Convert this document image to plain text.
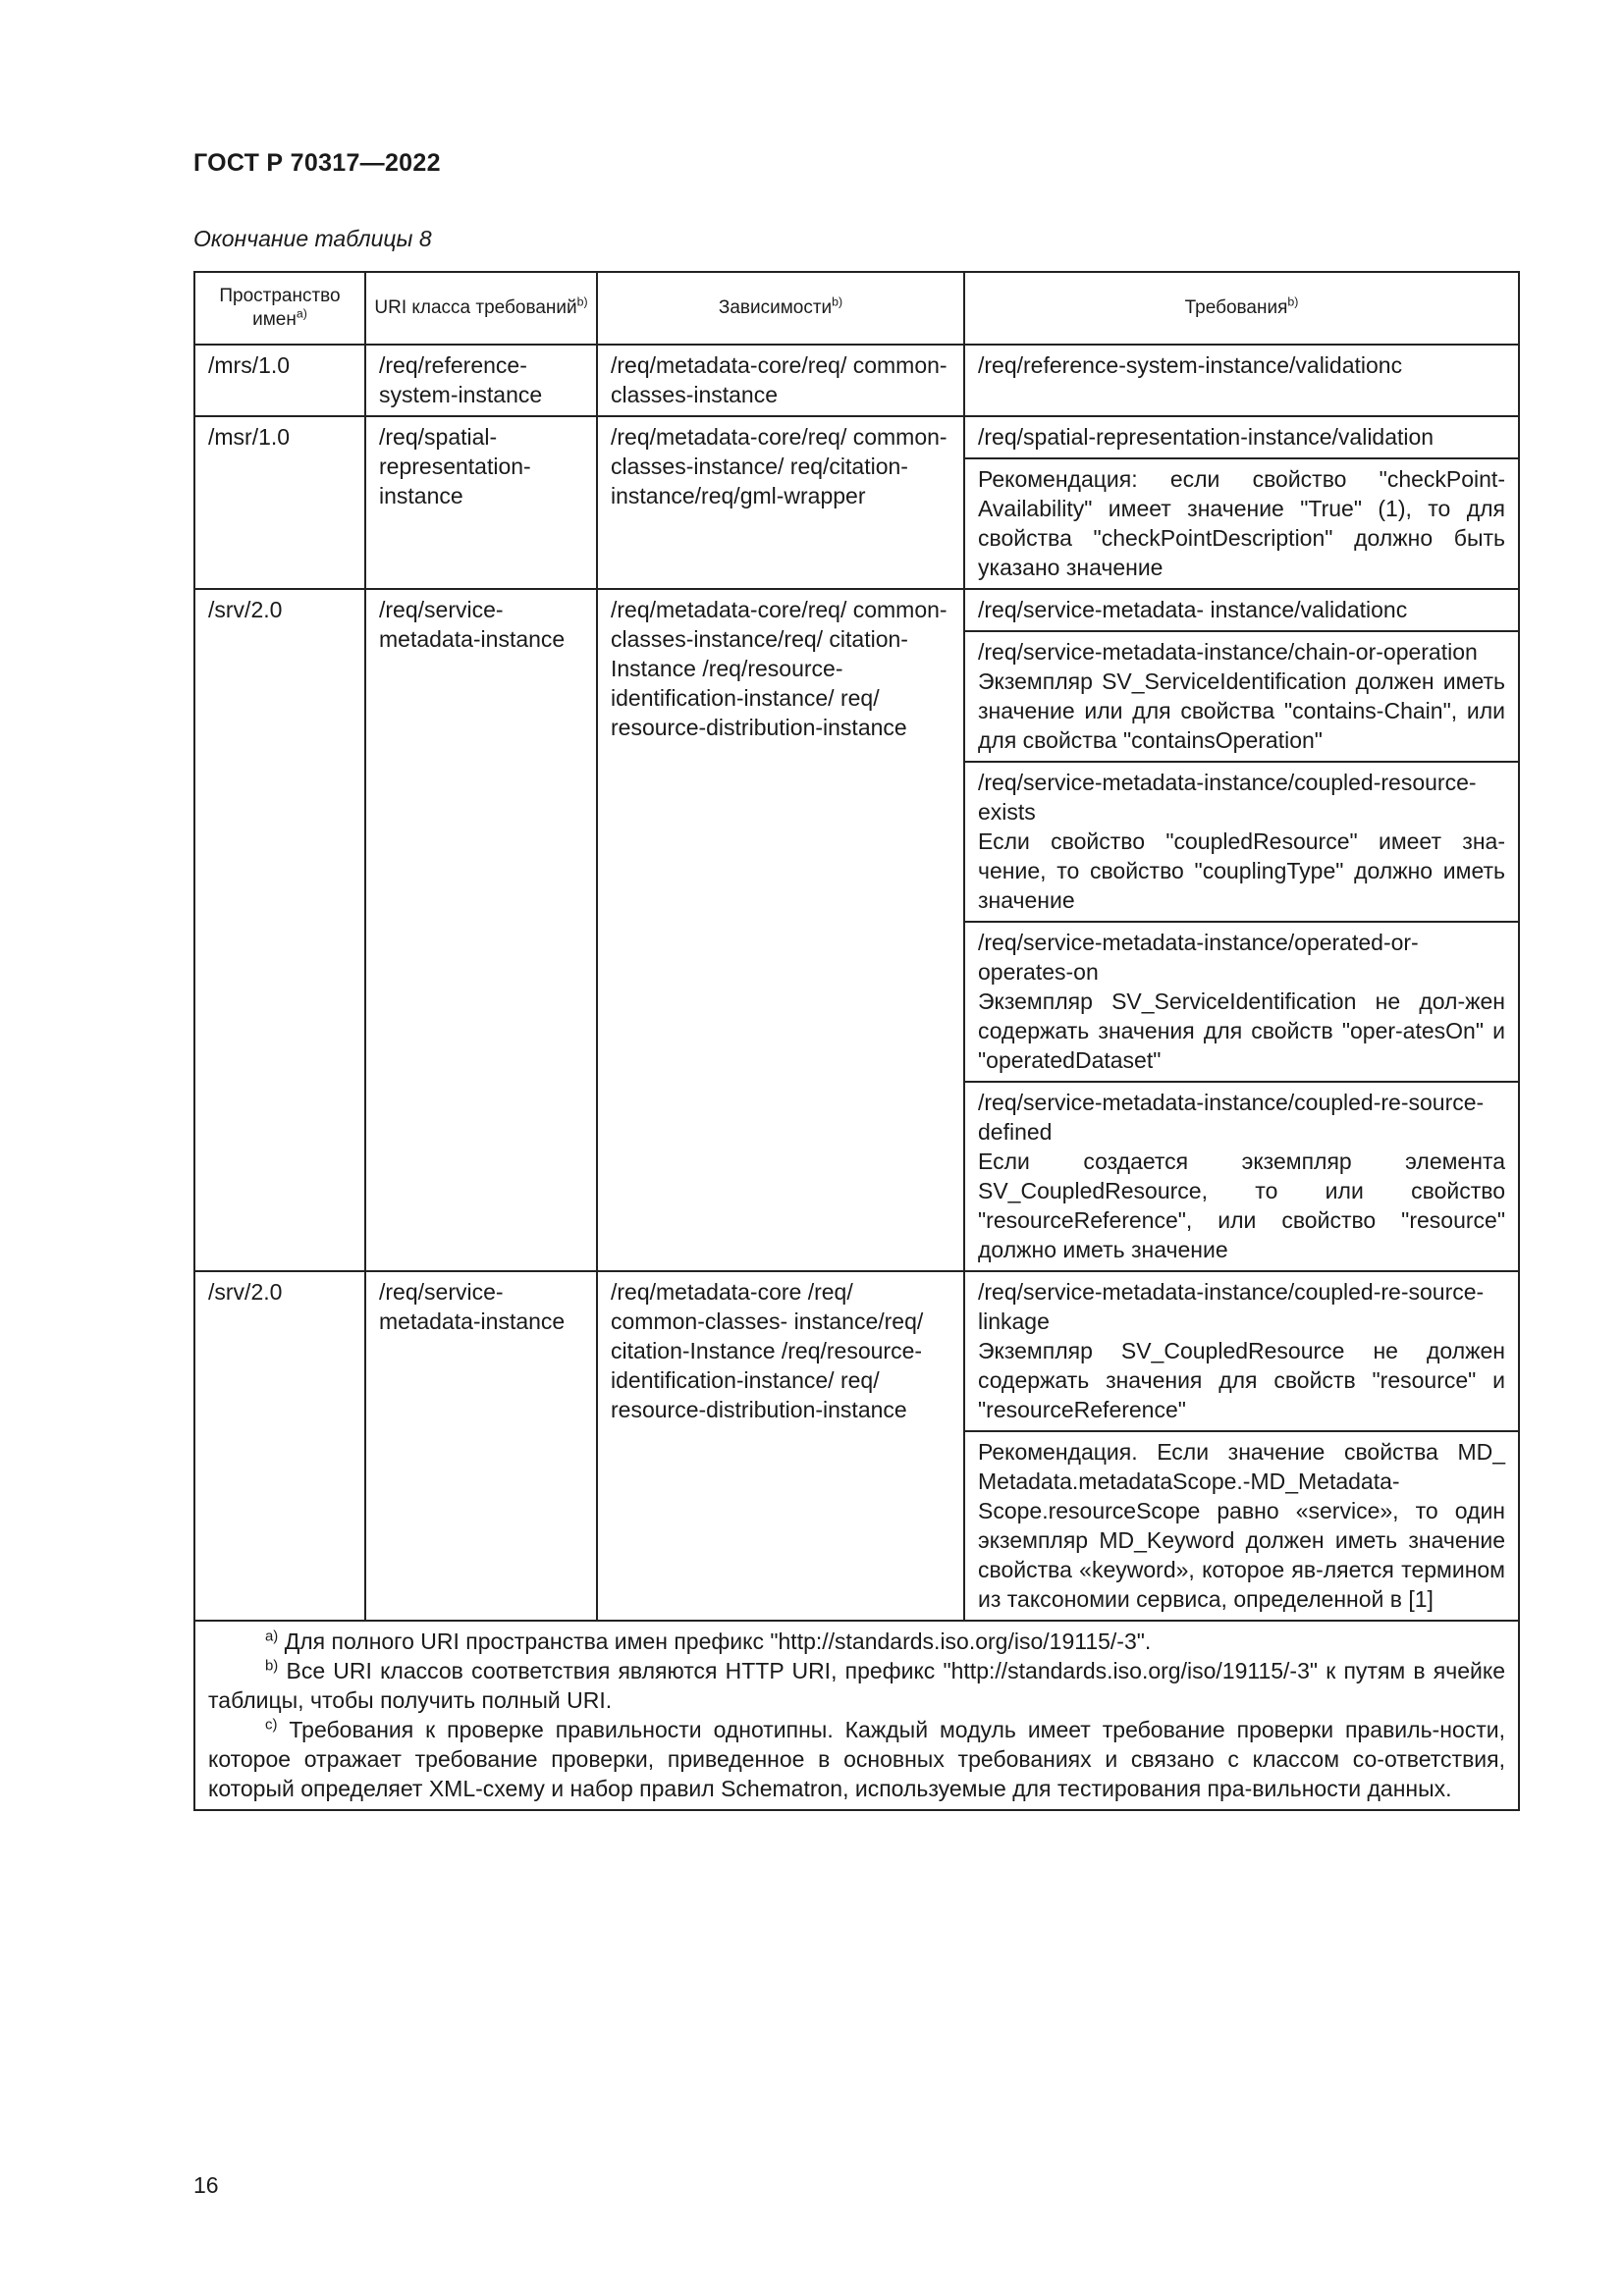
ГОСТ Р 70317—2022
Окончание таблицы 8
Пространство имен$^{a)}$	URI класса требований$^{b)}$	Зависимости$^{b)}$	Требования$^{b)}$
/mrs/1.0	/req/reference-system-instance	/req/metadata-core/req/ common-classes-instance	/req/reference-system-instance/validationc
/msr/1.0	/req/spatial-representation-instance	/req/metadata-core/req/ common-classes-instance/ req/citation- instance/req/gml-wrapper	/req/spatial-representation-instance/validation
			Рекомендация: если свойство "checkPoint-Availability" имеет значение "True" (1), то для свойства "checkPointDescription" должно быть указано значение
/srv/2.0	/req/service-metadata-instance	/req/metadata-core/req/ common-classes-instance/req/ citation-Instance /req/resource-identification-instance/ req/ resource-distribution-instance	/req/service-metadata- instance/validationc

			/req/service-metadata-instance/chain-or-operation
Экземпляр SV_ServiceIdentification должен иметь значение или для свойства "contains-Chain", или для свойства "containsOperation"

			/req/service-metadata-instance/coupled-resource-exists
Если свойство "coupledResource" имеет зна-чение, то свойство "couplingType" должно иметь значение

			/req/service-metadata-instance/operated-or-operates-on
Экземпляр SV_ServiceIdentification не дол-жен содержать значения для свойств "oper-atesOn" и "operatedDataset"

			/req/service-metadata-instance/coupled-re-source-defined
Если создается экземпляр элемента SV_CoupledResource, то или свойство "resourceReference", или свойство "resource" должно иметь значение

/srv/2.0	/req/service-metadata-instance	/req/metadata-core /req/ common-classes- instance/req/ citation-Instance /req/resource-identification-instance/ req/ resource-distribution-instance	/req/service-metadata-instance/coupled-re-source-linkage
Экземпляр SV_CoupledResource не должен содержать значения для свойств "resource" и "resourceReference"

			Рекомендация. Если значение свойства MD_ Metadata.metadataScope.-MD_Metadata-Scope.resourceScope равно «service», то один экземпляр MD_Keyword должен иметь значение свойства «keyword», которое яв-ляется термином из таксономии сервиса, определенной в [1]

$^{a)}$ Для полного URI пространства имен префикс "http://standards.iso.org/iso/19115/-3".

$^{b)}$ Все URI классов соответствия являются HTTP URI, префикс "http://standards.iso.org/iso/19115/-3" к путям в ячейке таблицы, чтобы получить полный URI.

$^{c)}$ Требования к проверке правильности однотипны. Каждый модуль имеет требование проверки правиль-ности, которое отражает требование проверки, приведенное в основных требованиях и связано с классом со-ответствия, который определяет XML-схему и набор правил Schematron, используемые для тестирования пра-вильности данных.			

16
